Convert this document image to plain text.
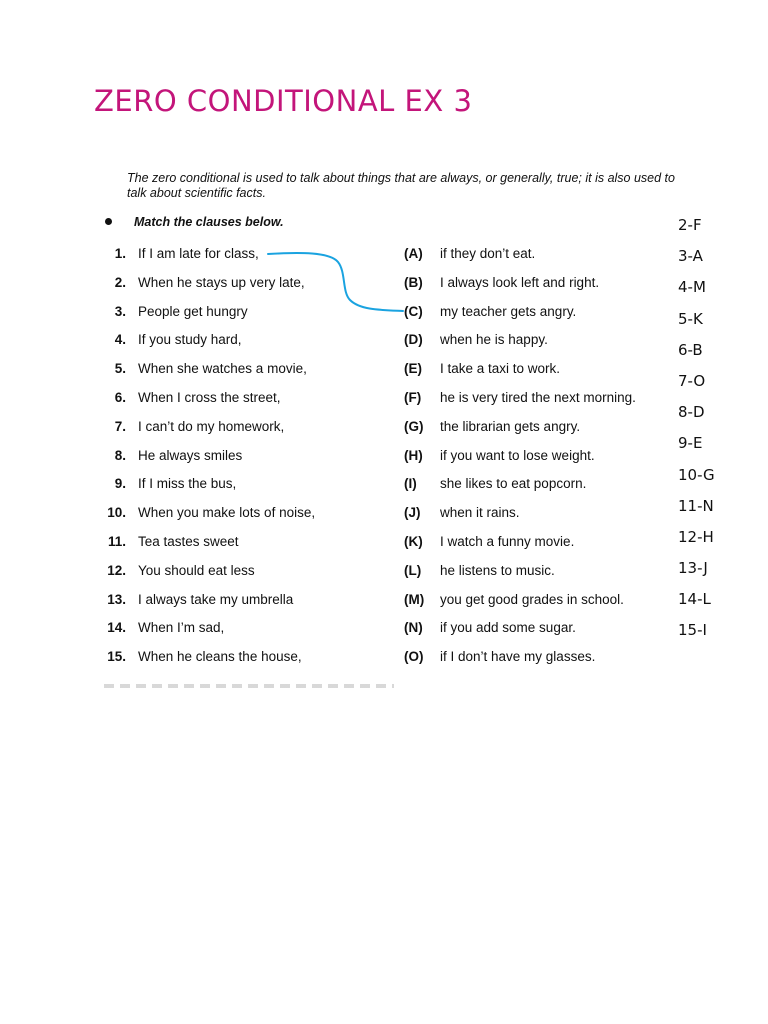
ZERO CONDITIONAL EX 3
The zero conditional is used to talk about things that are always, or generally, true; it is also used to talk about scientific facts.
Match the clauses below.
1. If I am late for class,	(A) if they don’t eat.
2. When he stays up very late,	(B) I always look left and right.
3. People get hungry	(C) my teacher gets angry.
4. If you study hard,	(D) when he is happy.
5. When she watches a movie,	(E) I take a taxi to work.
6. When I cross the street,	(F) he is very tired the next morning.
7. I can’t do my homework,	(G) the librarian gets angry.
8. He always smiles	(H) if you want to lose weight.
9. If I miss the bus,	(I) she likes to eat popcorn.
10. When you make lots of noise,	(J) when it rains.
11. Tea tastes sweet	(K) I watch a funny movie.
12. You should eat less	(L) he listens to music.
13. I always take my umbrella	(M) you get good grades in school.
14. When I’m sad,	(N) if you add some sugar.
15. When he cleans the house,	(O) if I don’t have my glasses.
2-F
3-A
4-M
5-K
6-B
7-O
8-D
9-E
10-G
11-N
12-H
13-J
14-L
15-I
